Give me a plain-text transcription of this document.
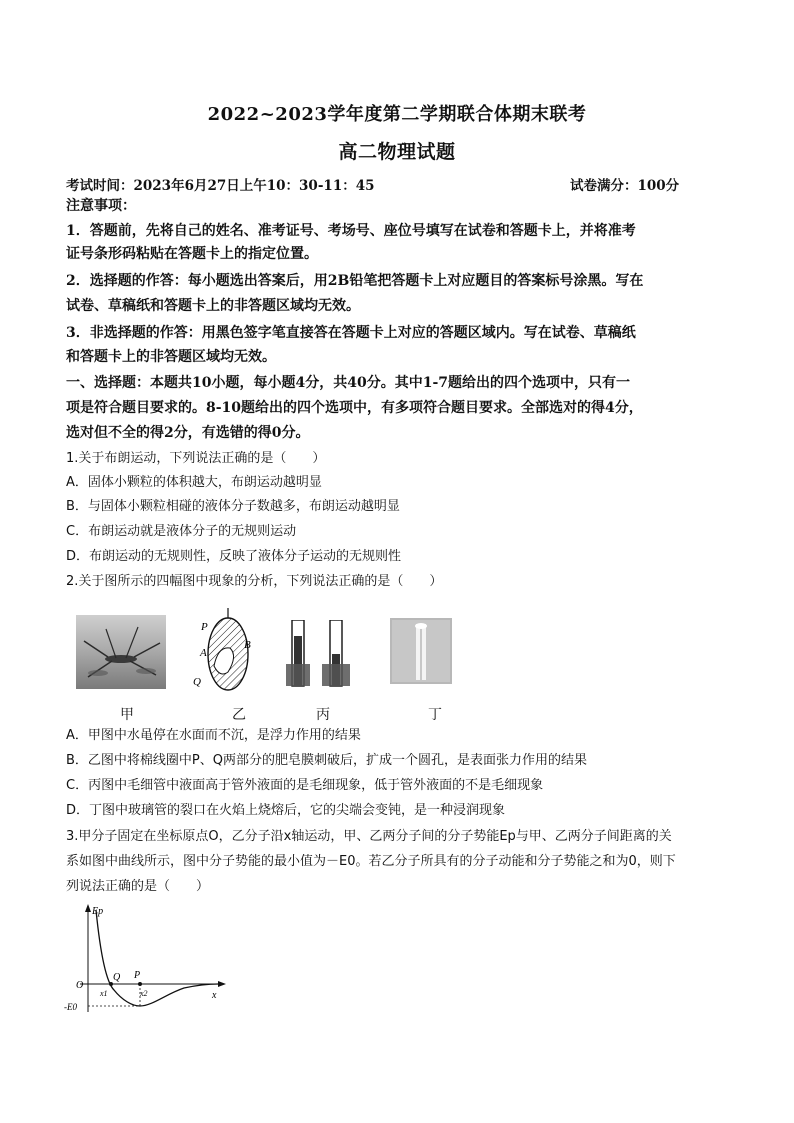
2022~2023学年度第二学期联合体期末联考
高二物理试题
考试时间：2023年6月27日上午10：30-11：45	试卷满分：100分
注意事项：
1．答题前，先将自己的姓名、准考证号、考场号、座位号填写在试卷和答题卡上，并将准考
证号条形码粘贴在答题卡上的指定位置。
2．选择题的作答：每小题选出答案后，用2B铅笔把答题卡上对应题目的答案标号涂黑。写在
试卷、草稿纸和答题卡上的非答题区域均无效。
3．非选择题的作答：用黑色签字笔直接答在答题卡上对应的答题区域内。写在试卷、草稿纸
和答题卡上的非答题区域均无效。
一、选择题：本题共10小题，每小题4分，共40分。其中1-7题给出的四个选项中，只有一
项是符合题目要求的。8-10题给出的四个选项中，有多项符合题目要求。全部选对的得4分，
选对但不全的得2分，有选错的得0分。
1.关于布朗运动，下列说法正确的是（　　）
A．固体小颗粒的体积越大，布朗运动越明显
B．与固体小颗粒相碰的液体分子数越多，布朗运动越明显
C．布朗运动就是液体分子的无规则运动
D．布朗运动的无规则性，反映了液体分子运动的无规则性
2.关于图所示的四幅图中现象的分析，下列说法正确的是（　　）
P
B
A
Q
甲	乙	丙	丁
A．甲图中水黾停在水面而不沉，是浮力作用的结果
B．乙图中将棉线圈中P、Q两部分的肥皂膜刺破后，扩成一个圆孔，是表面张力作用的结果
C．丙图中毛细管中液面高于管外液面的是毛细现象，低于管外液面的不是毛细现象
D．丁图中玻璃管的裂口在火焰上烧熔后，它的尖端会变钝，是一种浸润现象
3.甲分子固定在坐标原点O，乙分子沿x轴运动，甲、乙两分子间的分子势能Ep与甲、乙两分子间距离的关
系如图中曲线所示，图中分子势能的最小值为－E0。若乙分子所具有的分子动能和分子势能之和为0，则下
列说法正确的是（　　）
Ep
x
O
Q P
x1	x2
-E0
